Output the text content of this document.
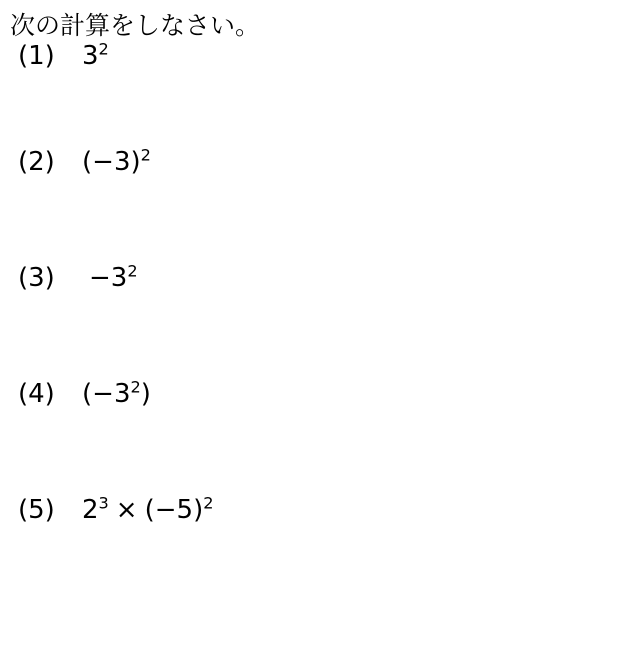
次の計算をしなさい。

(1)	$3^2$
(2)	$(-3)^2$
(3)	$-3^2$
(4)	$(-3^2)$
(5)	$2^3 \times (-5)^2$
